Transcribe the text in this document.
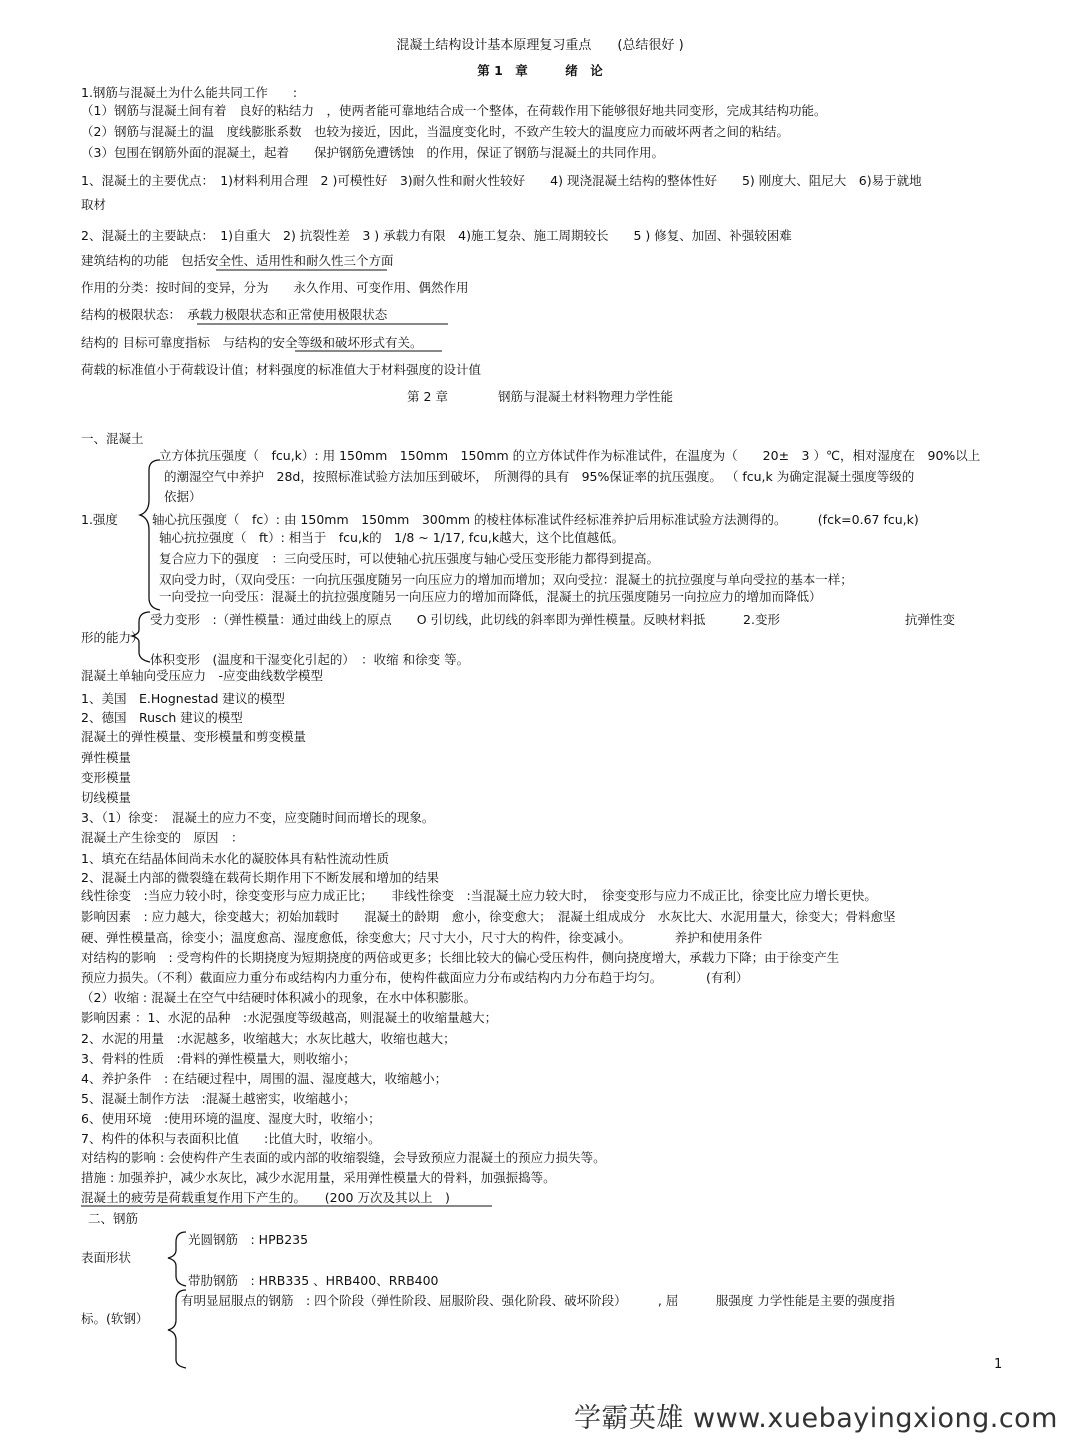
混凝土结构设计基本原理复习重点　　(总结很好 )
第 1　章　　　绪　论
1.钢筋与混凝土为什么能共同工作　　:
（1）钢筋与混凝土间有着　良好的粘结力　，使两者能可靠地结合成一个整体，在荷载作用下能够很好地共同变形，完成其结构功能。
（2）钢筋与混凝土的温　度线膨胀系数　也较为接近，因此，当温度变化时，不致产生较大的温度应力而破坏两者之间的粘结。
（3）包围在钢筋外面的混凝土，起着　　保护钢筋免遭锈蚀　的作用，保证了钢筋与混凝土的共同作用。
1、混凝土的主要优点：　1)材料利用合理　2 )可模性好　3)耐久性和耐火性较好　　4) 现浇混凝土结构的整体性好　　5) 刚度大、阻尼大　6)易于就地
取材
2、混凝土的主要缺点：　1)自重大　2) 抗裂性差　3 ) 承载力有限　4)施工复杂、施工周期较长　　5 ) 修复、加固、补强较困难
建筑结构的功能　包括安全性、适用性和耐久性三个方面
作用的分类：按时间的变异，分为　　永久作用、可变作用、偶然作用
结构的极限状态：　承载力极限状态和正常使用极限状态
结构的 目标可靠度指标　与结构的安全等级和破坏形式有关。
荷载的标准值小于荷载设计值；材料强度的标准值大于材料强度的设计值
第 2 章　　　　钢筋与混凝土材料物理力学性能
一、混凝土
1.强度
立方体抗压强度（　fcu,k）: 用 150mm　150mm　150mm 的立方体试件作为标准试件，在温度为（　　20±　3 ）℃，相对湿度在　90%以上
的潮湿空气中养护　28d，按照标准试验方法加压到破坏，　所测得的具有　95%保证率的抗压强度。 （ fcu,k 为确定混凝土强度等级的
依据）
轴心抗压强度（　fc）: 由 150mm　150mm　300mm 的棱柱体标准试件经标准养护后用标准试验方法测得的。　　　(fck=0.67 fcu,k)
轴心抗拉强度（　ft）: 相当于　fcu,k的　1/8 ~ 1/17, fcu,k越大，这个比值越低。
复合应力下的强度　：三向受压时，可以使轴心抗压强度与轴心受压变形能力都得到提高。
双向受力时，（双向受压：一向抗压强度随另一向压应力的增加而增加；双向受拉：混凝土的抗拉强度与单向受拉的基本一样；
一向受拉一向受压：混凝土的抗拉强度随另一向压应力的增加而降低，混凝土的抗压强度随另一向拉应力的增加而降低）
受力变形　:（弹性模量：通过曲线上的原点　　O 引切线，此切线的斜率即为弹性模量。反映材料抵　　　2.变形　　　　　　　　　　抗弹性变
形的能力）
体积变形　(温度和干湿变化引起的）　：收缩 和徐变 等。
混凝土单轴向受压应力　-应变曲线数学模型
1、美国　E.Hognestad 建议的模型
2、德国　Rusch 建议的模型
混凝土的弹性模量、变形模量和剪变模量
弹性模量
变形模量
切线模量
3、（1）徐变：　混凝土的应力不变，应变随时间而增长的现象。
混凝土产生徐变的　原因　：
1、填充在结晶体间尚未水化的凝胶体具有粘性流动性质
2、混凝土内部的微裂缝在载荷长期作用下不断发展和增加的结果
线性徐变　:当应力较小时，徐变变形与应力成正比；　　非线性徐变　:当混凝土应力较大时，　徐变变形与应力不成正比，徐变比应力增长更快。
影响因素　: 应力越大，徐变越大；初始加载时　　混凝土的龄期　愈小，徐变愈大；　混凝土组成成分　水灰比大、水泥用量大，徐变大；骨料愈坚
硬、弹性模量高，徐变小；温度愈高、湿度愈低，徐变愈大；尺寸大小，尺寸大的构件，徐变减小。　　　　养护和使用条件
对结构的影响　: 受弯构件的长期挠度为短期挠度的两倍或更多；长细比较大的偏心受压构件，侧向挠度增大，承载力下降；由于徐变产生
预应力损失。（不利）截面应力重分布或结构内力重分布，使构件截面应力分布或结构内力分布趋于均匀。　　　　(有利）
（2）收缩 : 混凝土在空气中结硬时体积减小的现象，在水中体积膨胀。
影响因素 ：1、水泥的品种　:水泥强度等级越高，则混凝土的收缩量越大；
2、水泥的用量　:水泥越多，收缩越大；水灰比越大，收缩也越大；
3、骨料的性质　:骨料的弹性模量大，则收缩小；
4、养护条件　: 在结硬过程中，周围的温、湿度越大，收缩越小；
5、混凝土制作方法　:混凝土越密实，收缩越小；
6、使用环境　:使用环境的温度、湿度大时，收缩小；
7、构件的体积与表面积比值　　:比值大时，收缩小。
对结构的影响 : 会使构件产生表面的或内部的收缩裂缝，会导致预应力混凝土的预应力损失等。
措施 : 加强养护，减少水灰比，减少水泥用量，采用弹性模量大的骨料，加强振捣等。
混凝土的疲劳是荷载重复作用下产生的。　　(200 万次及其以上　)
二、钢筋
表面形状
光圆钢筋　: HPB235
带肋钢筋　: HRB335 、HRB400、RRB400
有明显屈服点的钢筋　: 四个阶段（弹性阶段、屈服阶段、强化阶段、破坏阶段）　　　, 屈　　　服强度 力学性能是主要的强度指
标。(软钢）
1
学霸英雄 www.xuebayingxiong.com
